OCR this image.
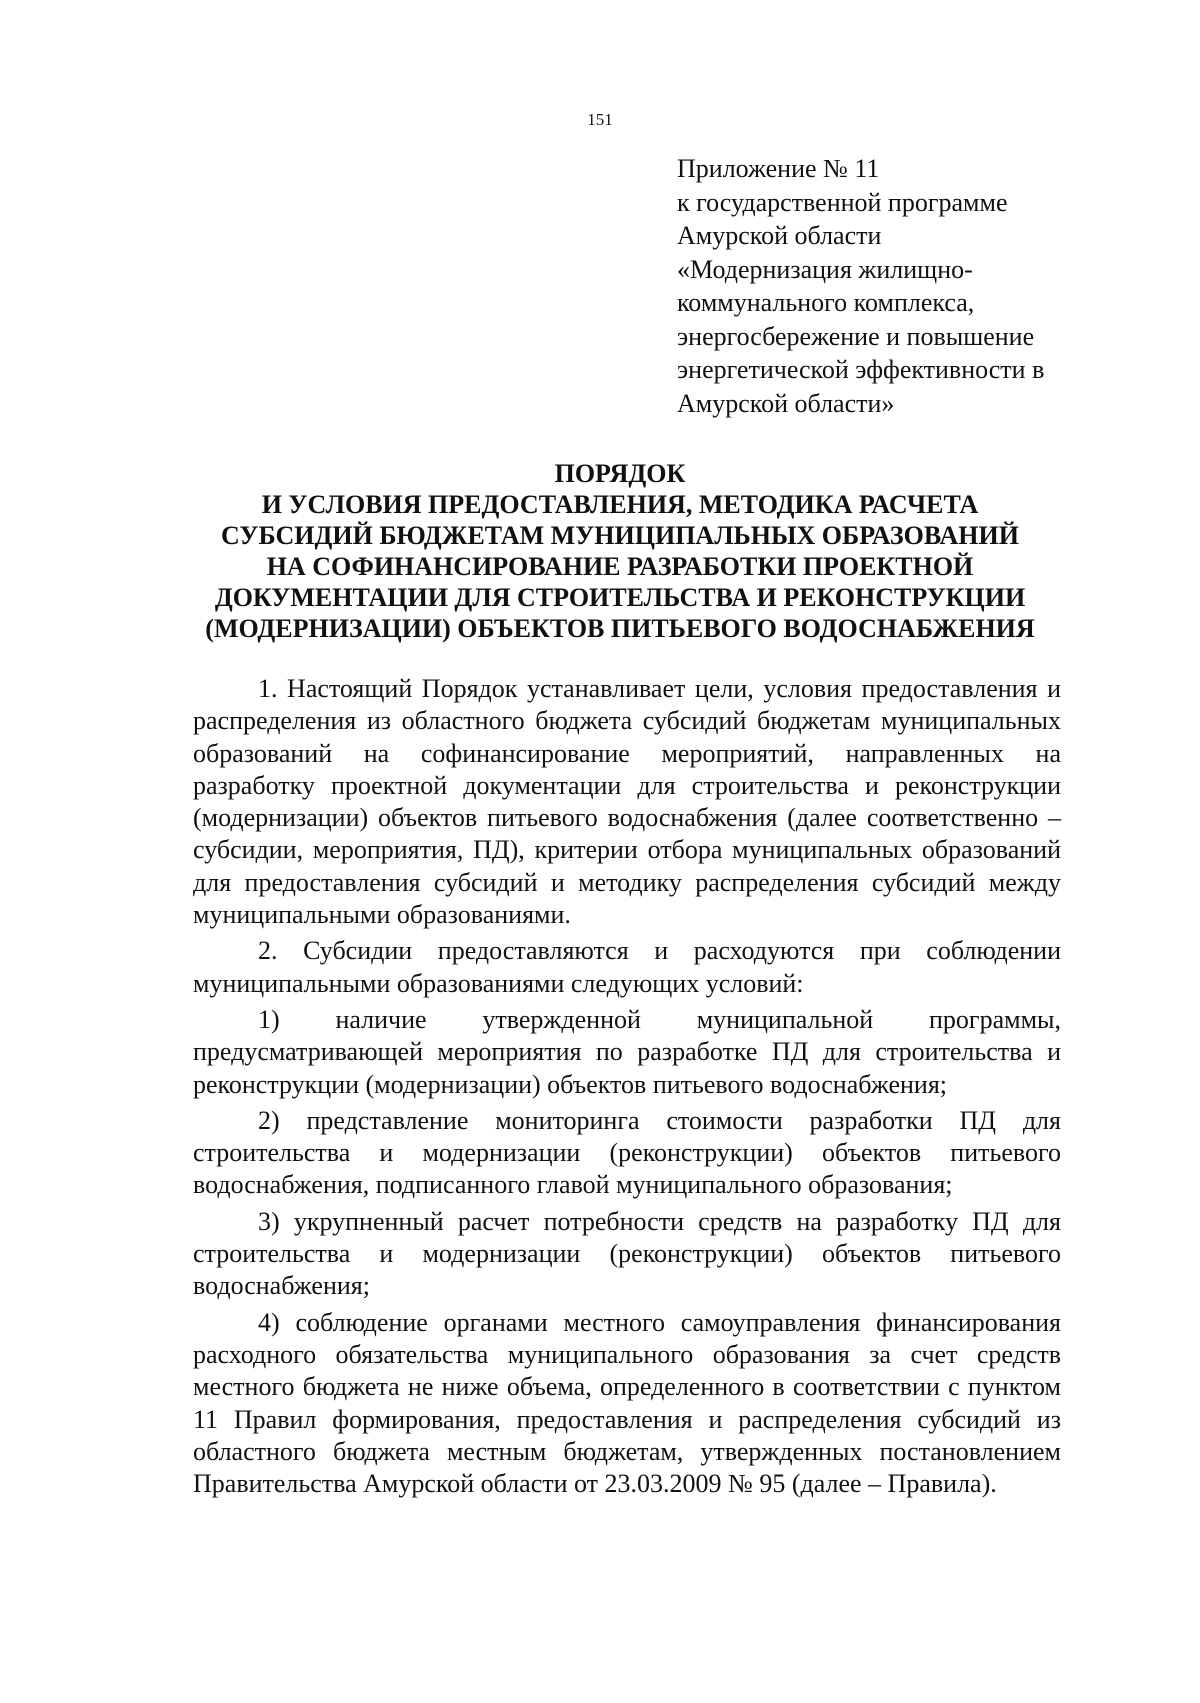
151
Приложение № 11
к государственной программе
Амурской области
«Модернизация жилищно-
коммунального комплекса,
энергосбережение и повышение
энергетической эффективности в
Амурской области»
ПОРЯДОК
И УСЛОВИЯ ПРЕДОСТАВЛЕНИЯ, МЕТОДИКА РАСЧЕТА
СУБСИДИЙ БЮДЖЕТАМ МУНИЦИПАЛЬНЫХ ОБРАЗОВАНИЙ
НА СОФИНАНСИРОВАНИЕ РАЗРАБОТКИ ПРОЕКТНОЙ
ДОКУМЕНТАЦИИ ДЛЯ СТРОИТЕЛЬСТВА И РЕКОНСТРУКЦИИ
(МОДЕРНИЗАЦИИ) ОБЪЕКТОВ ПИТЬЕВОГО ВОДОСНАБЖЕНИЯ

1. Настоящий Порядок устанавливает цели, условия предоставления и распределения из областного бюджета субсидий бюджетам муниципальных образований на софинансирование мероприятий, направленных на разработку проектной документации для строительства и реконструкции (модернизации) объектов питьевого водоснабжения (далее соответственно – субсидии, мероприятия, ПД), критерии отбора муниципальных образований для предоставления субсидий и методику распределения субсидий между муниципальными образованиями.

2. Субсидии предоставляются и расходуются при соблюдении муниципальными образованиями следующих условий:

1) наличие утвержденной муниципальной программы, предусматривающей мероприятия по разработке ПД для строительства и реконструкции (модернизации) объектов питьевого водоснабжения;

2) представление мониторинга стоимости разработки ПД для строительства и модернизации (реконструкции) объектов питьевого водоснабжения, подписанного главой муниципального образования;

3) укрупненный расчет потребности средств на разработку ПД для строительства и модернизации (реконструкции) объектов питьевого водоснабжения;

4) соблюдение органами местного самоуправления финансирования расходного обязательства муниципального образования за счет средств местного бюджета не ниже объема, определенного в соответствии с пунктом 11 Правил формирования, предоставления и распределения субсидий из областного бюджета местным бюджетам, утвержденных постановлением Правительства Амурской области от 23.03.2009 № 95 (далее – Правила).
